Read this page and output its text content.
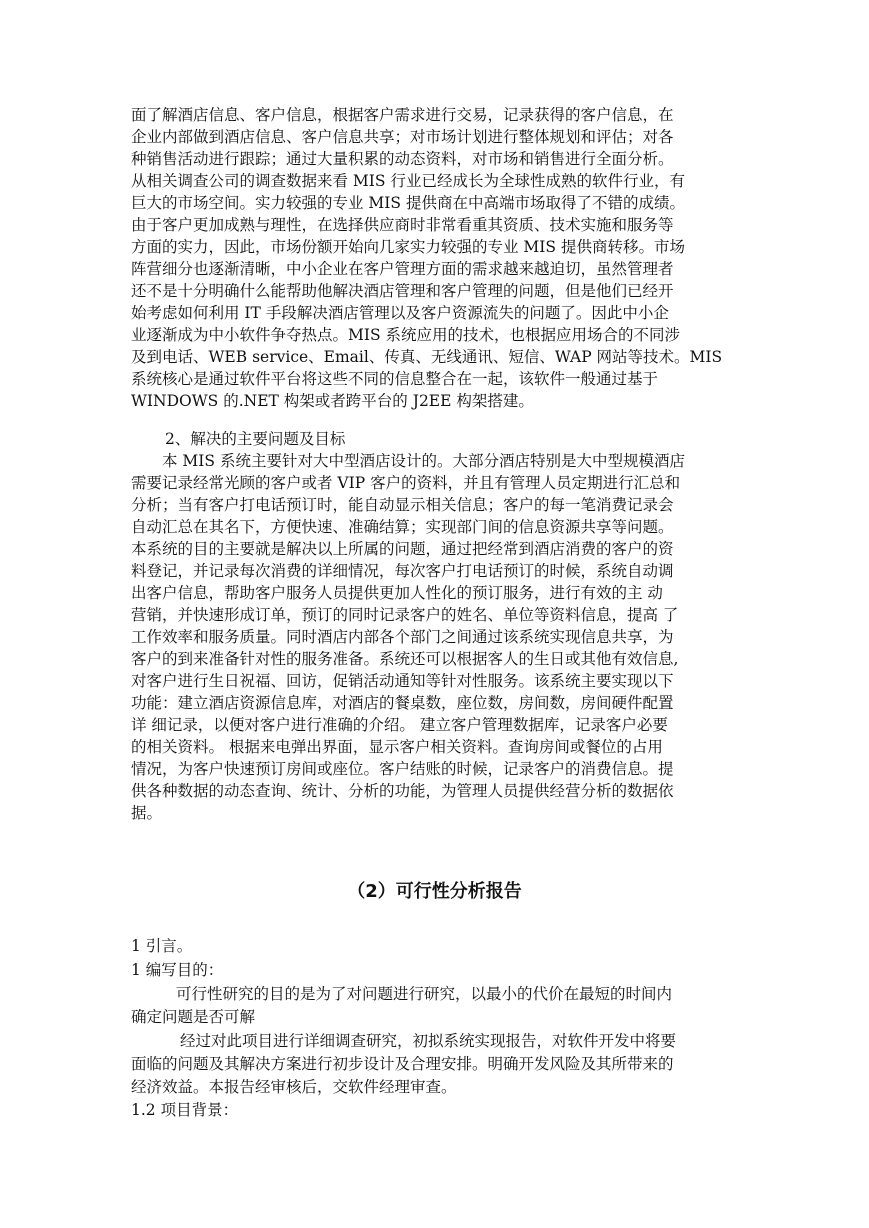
面了解酒店信息、客户信息，根据客户需求进行交易，记录获得的客户信息，在
企业内部做到酒店信息、客户信息共享；对市场计划进行整体规划和评估；对各
种销售活动进行跟踪；通过大量积累的动态资料，对市场和销售进行全面分析。
从相关调查公司的调查数据来看 MIS 行业已经成长为全球性成熟的软件行业，有
巨大的市场空间。实力较强的专业 MIS 提供商在中高端市场取得了不错的成绩。
由于客户更加成熟与理性，在选择供应商时非常看重其资质、技术实施和服务等
方面的实力，因此，市场份额开始向几家实力较强的专业 MIS 提供商转移。市场
阵营细分也逐渐清晰，中小企业在客户管理方面的需求越来越迫切，虽然管理者
还不是十分明确什么能帮助他解决酒店管理和客户管理的问题，但是他们已经开
始考虑如何利用 IT 手段解决酒店管理以及客户资源流失的问题了。因此中小企
业逐渐成为中小软件争夺热点。MIS 系统应用的技术，也根据应用场合的不同涉
及到电话、WEB service、Email、传真、无线通讯、短信、WAP 网站等技术。MIS
系统核心是通过软件平台将这些不同的信息整合在一起，该软件一般通过基于
WINDOWS 的.NET 构架或者跨平台的 J2EE 构架搭建。
2、解决的主要问题及目标
　　本 MIS 系统主要针对大中型酒店设计的。大部分酒店特别是大中型规模酒店
需要记录经常光顾的客户或者 VIP 客户的资料，并且有管理人员定期进行汇总和
分析；当有客户打电话预订时，能自动显示相关信息；客户的每一笔消费记录会
自动汇总在其名下，方便快速、准确结算；实现部门间的信息资源共享等问题。
本系统的目的主要就是解决以上所属的问题，通过把经常到酒店消费的客户的资
料登记，并记录每次消费的详细情况，每次客户打电话预订的时候，系统自动调
出客户信息，帮助客户服务人员提供更加人性化的预订服务，进行有效的主 动
营销，并快速形成订单，预订的同时记录客户的姓名、单位等资料信息，提高 了
工作效率和服务质量。同时酒店内部各个部门之间通过该系统实现信息共享，为
客户的到来准备针对性的服务准备。系统还可以根据客人的生日或其他有效信息,
对客户进行生日祝福、回访，促销活动通知等针对性服务。该系统主要实现以下
功能：建立酒店资源信息库，对酒店的餐桌数，座位数，房间数，房间硬件配置
详 细记录，以便对客户进行准确的介绍。 建立客户管理数据库，记录客户必要
的相关资料。 根据来电弹出界面，显示客户相关资料。查询房间或餐位的占用
情况，为客户快速预订房间或座位。客户结账的时候，记录客户的消费信息。提
供各种数据的动态查询、统计、分析的功能，为管理人员提供经营分析的数据依
据。
（2）可行性分析报告
1 引言。
1 编写目的：
可行性研究的目的是为了对问题进行研究，以最小的代价在最短的时间内
确定问题是否可解
经过对此项目进行详细调查研究，初拟系统实现报告，对软件开发中将要
面临的问题及其解决方案进行初步设计及合理安排。明确开发风险及其所带来的
经济效益。本报告经审核后，交软件经理审查。
1.2 项目背景：
